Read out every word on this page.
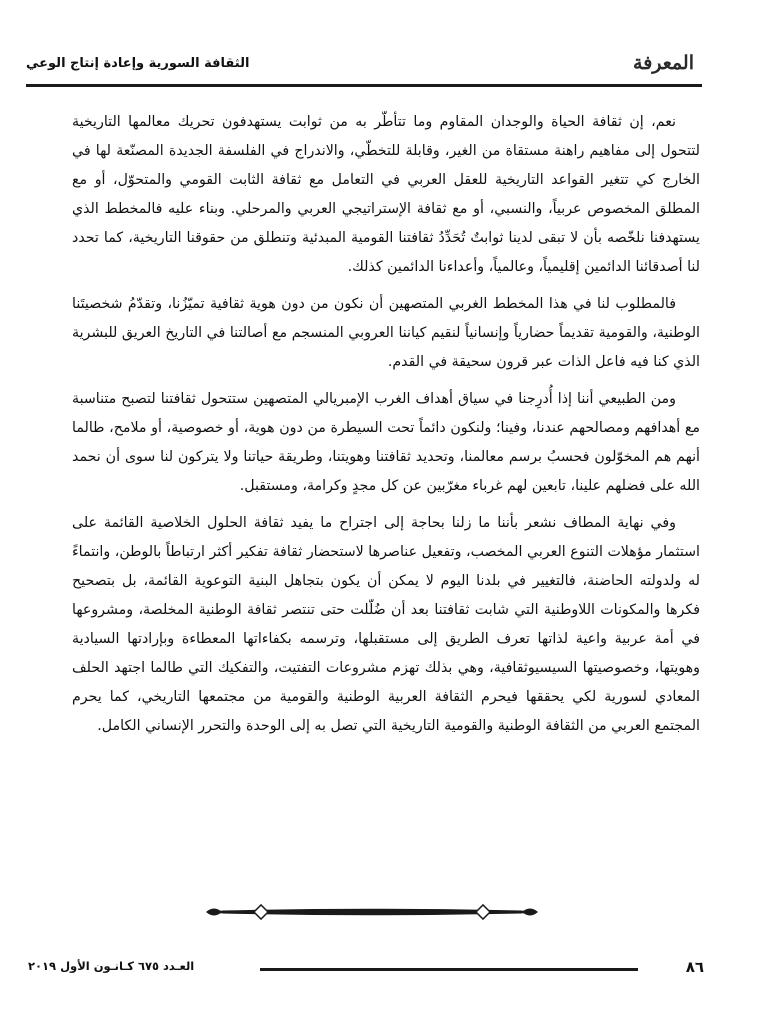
المعرفة
الثقافة السورية وإعادة إنتاج الوعي

نعم، إن ثقافة الحياة والوجدان المقاوم وما تتأطّر به من ثوابت يستهدفون تحريك معالمها التاريخية لتتحول إلى مفاهيم راهنة مستقاة من الغير، وقابلة للتخطّي، والاندراج في الفلسفة الجديدة المصنّعة لها في الخارج كي تتغير القواعد التاريخية للعقل العربي في التعامل مع ثقافة الثابت القومي والمتحوّل، أو مع المطلق المخصوص عربياً، والنسبي، أو مع ثقافة الإستراتيجي العربي والمرحلي. وبناء عليه فالمخطط الذي يستهدفنا نلخّصه بأن لا تبقى لدينا ثوابتٌ تُحَدِّدُ ثقافتنا القومية المبدئية وتنطلق من حقوقنا التاريخية، كما تحدد لنا أصدقائنا الدائمين إقليمياً، وعالمياً، وأعداءنا الدائمين كذلك.

فالمطلوب لنا في هذا المخطط الغربي المتصهين أن نكون من دون هوية ثقافية تميّزُنا، وتقدّمُ شخصيتَنا الوطنية، والقومية تقديماً حضارياً وإنسانياً لنقيم كياننا العروبي المنسجم مع أصالتنا في التاريخ العريق للبشرية الذي كنا فيه فاعل الذات عبر قرون سحيقة في القدم.

ومن الطبيعي أننا إذا أُدرِجنا في سياق أهداف الغرب الإمبريالي المتصهين ستتحول ثقافتنا لتصبح متناسبة مع أهدافهم ومصالحهم عندنا، وفينا؛ ولنكون دائماً تحت السيطرة من دون هوية، أو خصوصية، أو ملامح، طالما أنهم هم المخوّلون فحسبُ برسم معالمنا، وتحديد ثقافتنا وهويتنا، وطريقة حياتنا ولا يتركون لنا سوى أن نحمد الله على فضلهم علينا، تابعين لهم غرباء مغرّبين عن كل مجدٍ وكرامة، ومستقبل.

وفي نهاية المطاف نشعر بأننا ما زلنا بحاجة إلى اجتراح ما يفيد ثقافة الحلول الخلاصية القائمة على استثمار مؤهلات التنوع العربي المخصب، وتفعيل عناصرها لاستحضار ثقافة تفكير أكثر ارتباطاً بالوطن، وانتماءً له ولدولته الحاضنة، فالتغيير في بلدنا اليوم لا يمكن أن يكون بتجاهل البنية التوعوية القائمة، بل بتصحيح فكرها والمكونات اللاوطنية التي شابت ثقافتنا بعد أن ضُلّلت حتى تنتصر ثقافة الوطنية المخلصة، ومشروعها في أمة عربية واعية لذاتها تعرف الطريق إلى مستقبلها، وترسمه بكفاءاتها المعطاءة وبإرادتها السيادية وهويتها، وخصوصيتها السيسيوثقافية، وهي بذلك تهزم مشروعات التفتيت، والتفكيك التي طالما اجتهد الحلف المعادي لسورية لكي يحققها فيحرم الثقافة العربية الوطنية والقومية من مجتمعها التاريخي، كما يحرم المجتمع العربي من الثقافة الوطنية والقومية التاريخية التي تصل به إلى الوحدة والتحرر الإنساني الكامل.

٨٦
العـدد ٦٧٥ كـانـون الأول ٢٠١٩
